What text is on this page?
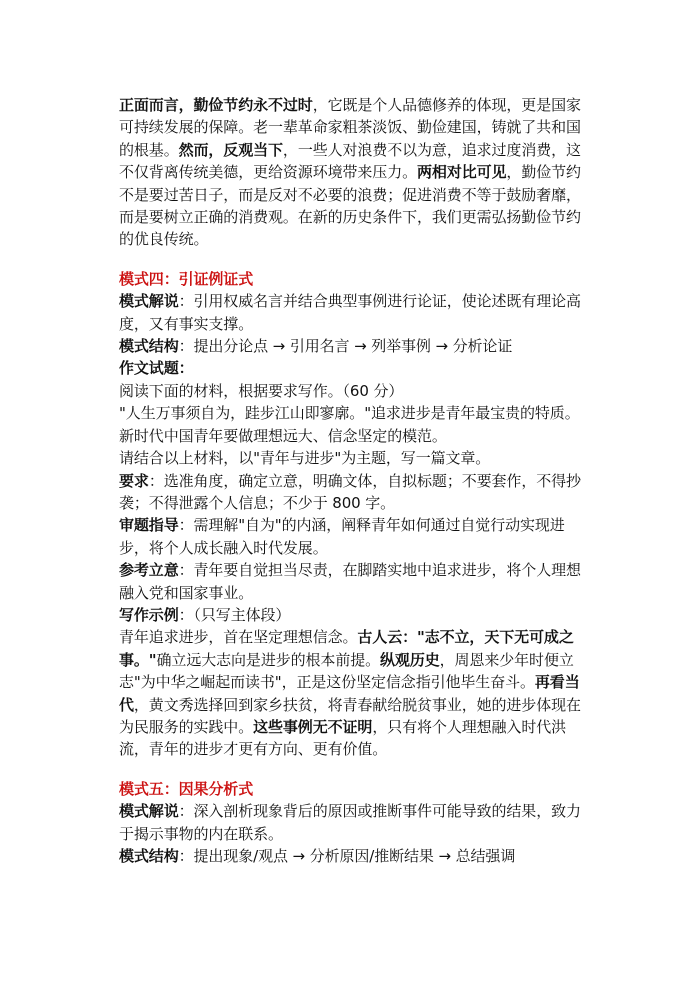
正面而言，勤俭节约永不过时，它既是个人品德修养的体现，更是国家可持续发展的保障。老一辈革命家粗茶淡饭、勤俭建国，铸就了共和国的根基。然而，反观当下，一些人对浪费不以为意，追求过度消费，这不仅背离传统美德，更给资源环境带来压力。两相对比可见，勤俭节约不是要过苦日子，而是反对不必要的浪费；促进消费不等于鼓励奢靡，而是要树立正确的消费观。在新的历史条件下，我们更需弘扬勤俭节约的优良传统。

模式四：引证例证式

模式解说：引用权威名言并结合典型事例进行论证，使论述既有理论高度，又有事实支撑。

模式结构：提出分论点 → 引用名言 → 列举事例 → 分析论证

作文试题：

阅读下面的材料，根据要求写作。（60 分）

"人生万事须自为，跬步江山即寥廓。"追求进步是青年最宝贵的特质。新时代中国青年要做理想远大、信念坚定的模范。

请结合以上材料，以"青年与进步"为主题，写一篇文章。

要求：选准角度，确定立意，明确文体，自拟标题；不要套作，不得抄袭；不得泄露个人信息；不少于 800 字。

审题指导：需理解"自为"的内涵，阐释青年如何通过自觉行动实现进步，将个人成长融入时代发展。

参考立意：青年要自觉担当尽责，在脚踏实地中追求进步，将个人理想融入党和国家事业。

写作示例：（只写主体段）

青年追求进步，首在坚定理想信念。古人云："志不立，天下无可成之事。"确立远大志向是进步的根本前提。纵观历史，周恩来少年时便立志"为中华之崛起而读书"，正是这份坚定信念指引他毕生奋斗。再看当代，黄文秀选择回到家乡扶贫，将青春献给脱贫事业，她的进步体现在为民服务的实践中。这些事例无不证明，只有将个人理想融入时代洪流，青年的进步才更有方向、更有价值。

模式五：因果分析式

模式解说：深入剖析现象背后的原因或推断事件可能导致的结果，致力于揭示事物的内在联系。

模式结构：提出现象/观点 → 分析原因/推断结果 → 总结强调
